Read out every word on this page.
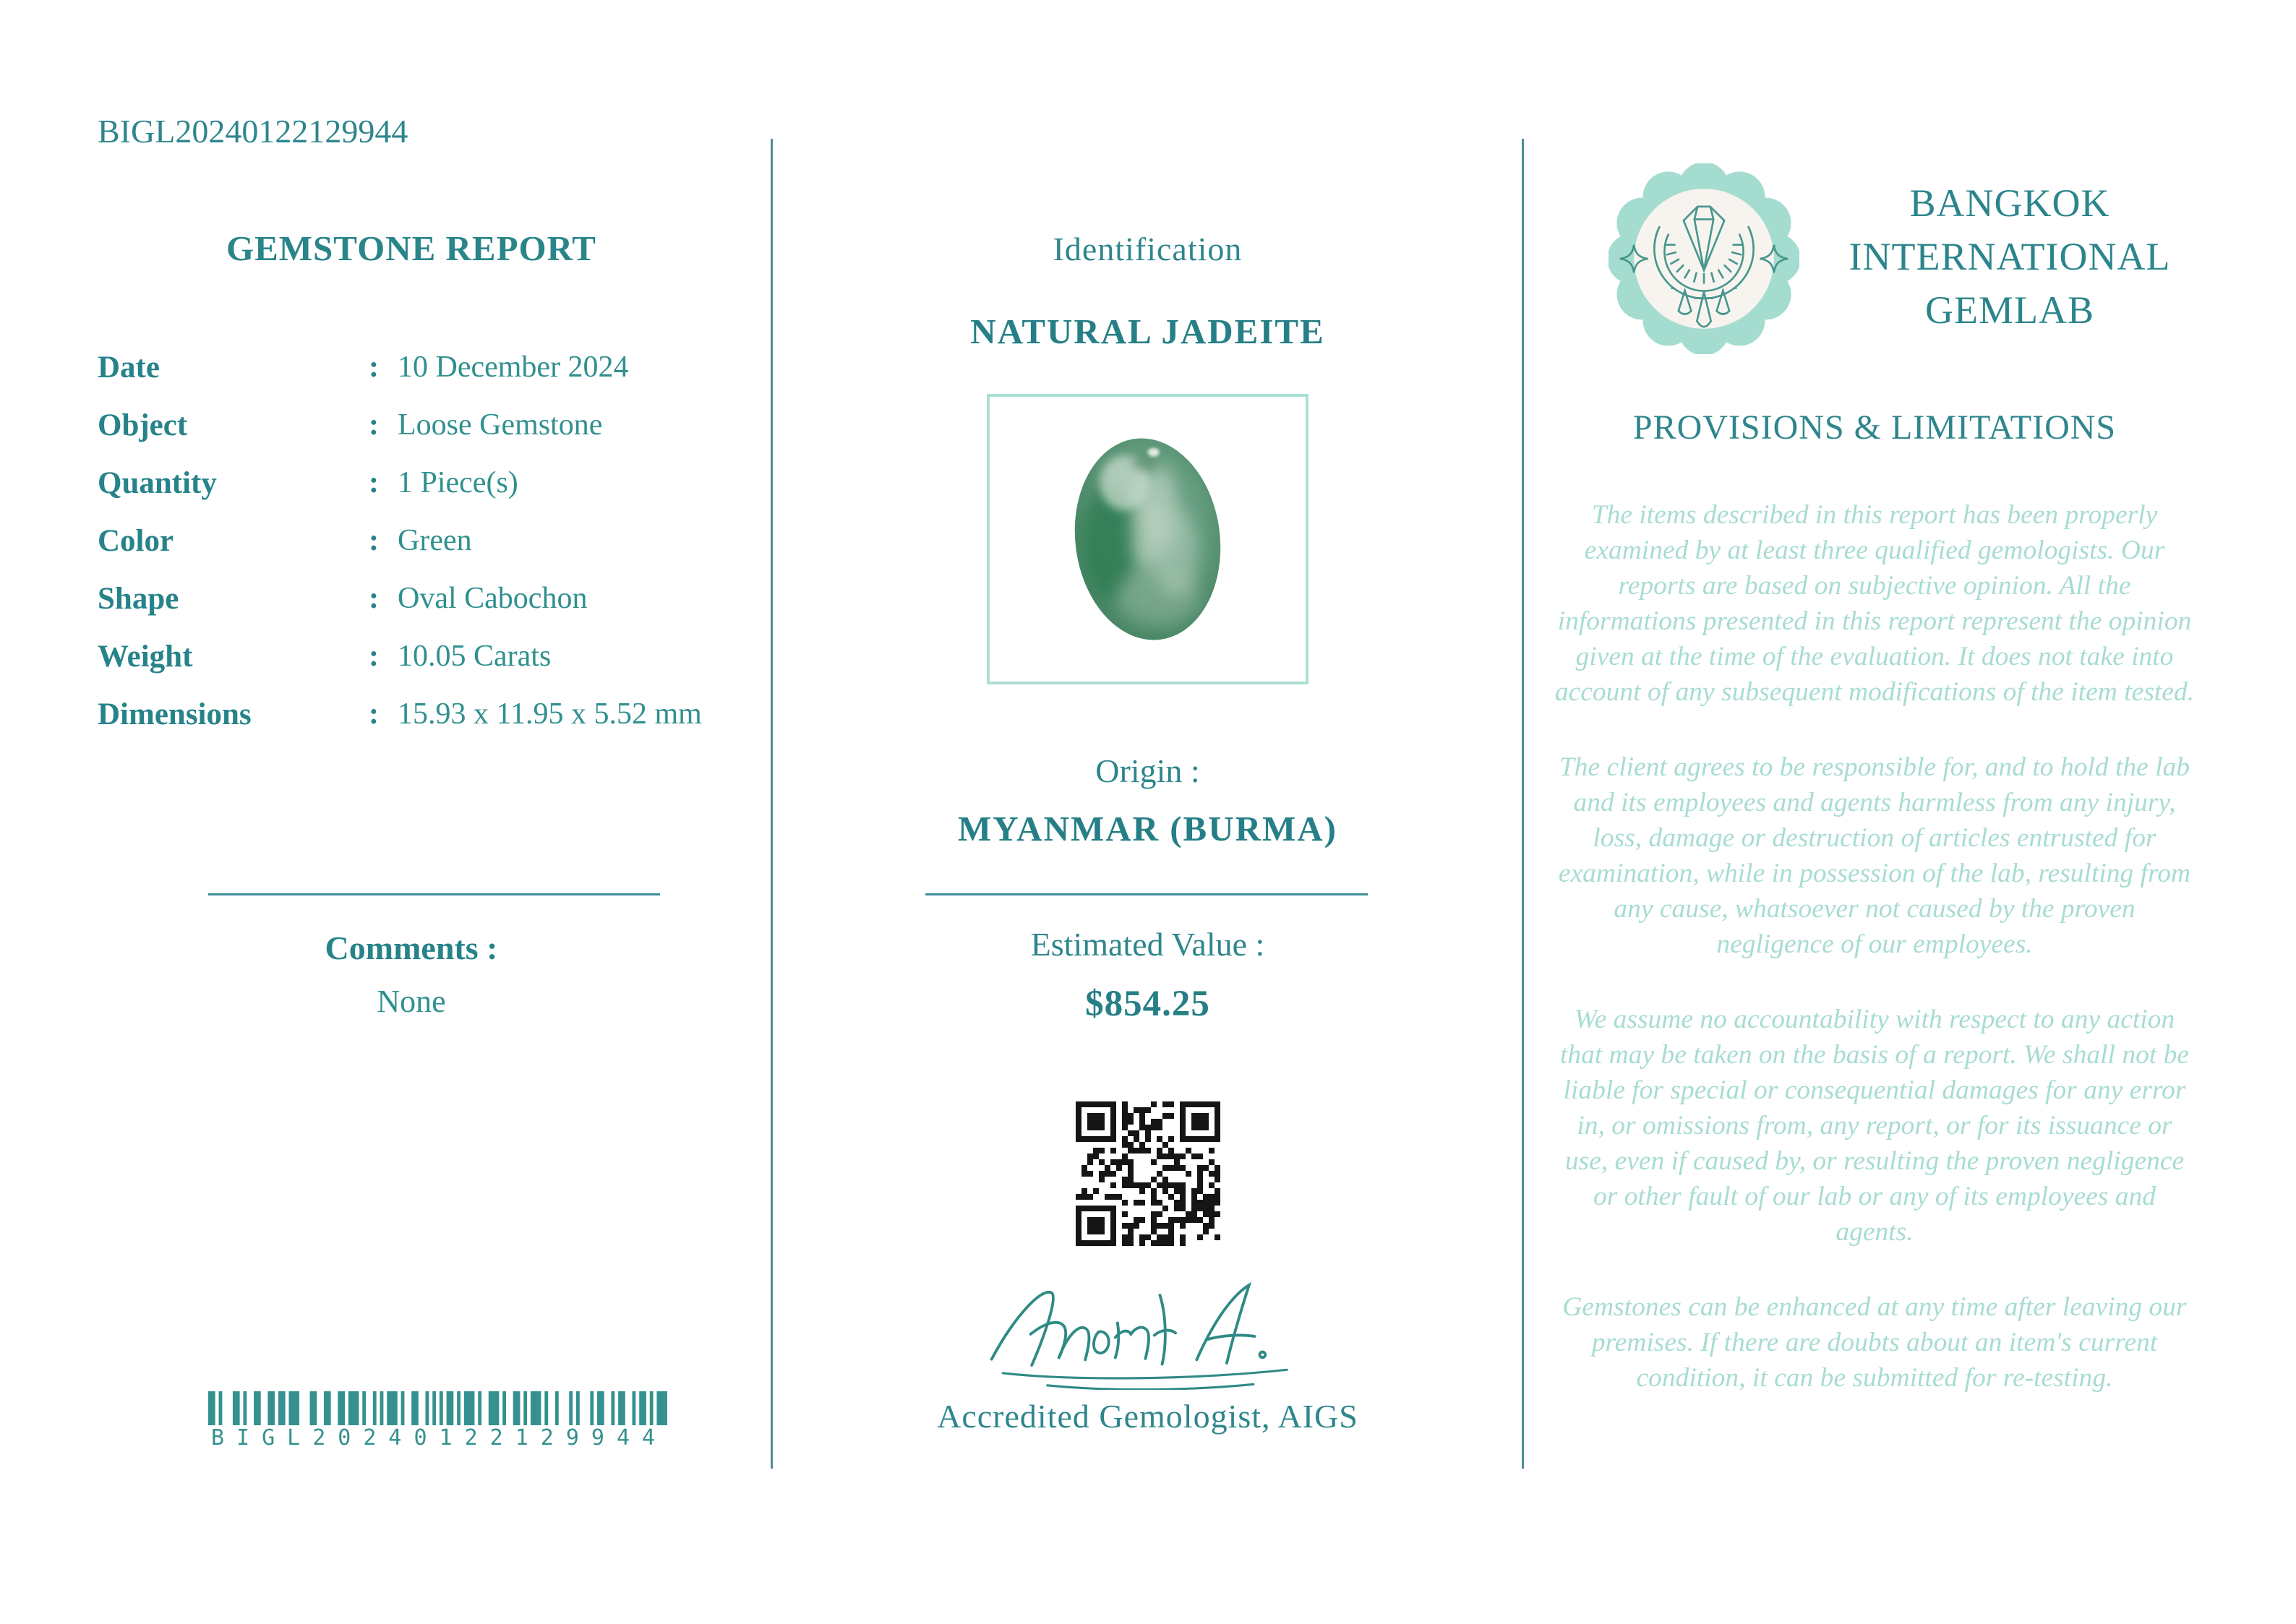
BIGL20240122129944
GEMSTONE REPORT
Date	: 10 December 2024
Object	: Loose Gemstone
Quantity	: 1 Piece(s)
Color	: Green
Shape	: Oval Cabochon
Weight	: 10.05 Carats
Dimensions	: 15.93 x 11.95 x 5.52 mm
Comments :
None
BIGL20240122129944
Identification
NATURAL JADEITE
Origin :
MYANMAR (BURMA)
Estimated Value :
$854.25
Accredited Gemologist, AIGS
BANGKOK
INTERNATIONAL
GEMLAB
PROVISIONS & LIMITATIONS

The items described in this report has been properly examined by at least three qualified gemologists. Our reports are based on subjective opinion. All the informations presented in this report represent the opinion given at the time of the evaluation. It does not take into account of any subsequent modifications of the item tested.

The client agrees to be responsible for, and to hold the lab and its employees and agents harmless from any injury, loss, damage or destruction of articles entrusted for examination, while in possession of the lab, resulting from any cause, whatsoever not caused by the proven negligence of our employees.

We assume no accountability with respect to any action that may be taken on the basis of a report. We shall not be liable for special or consequential damages for any error in, or omissions from, any report, or for its issuance or use, even if caused by, or resulting the proven negligence or other fault of our lab or any of its employees and agents.

Gemstones can be enhanced at any time after leaving our premises. If there are doubts about an item's current condition, it can be submitted for re-testing.
